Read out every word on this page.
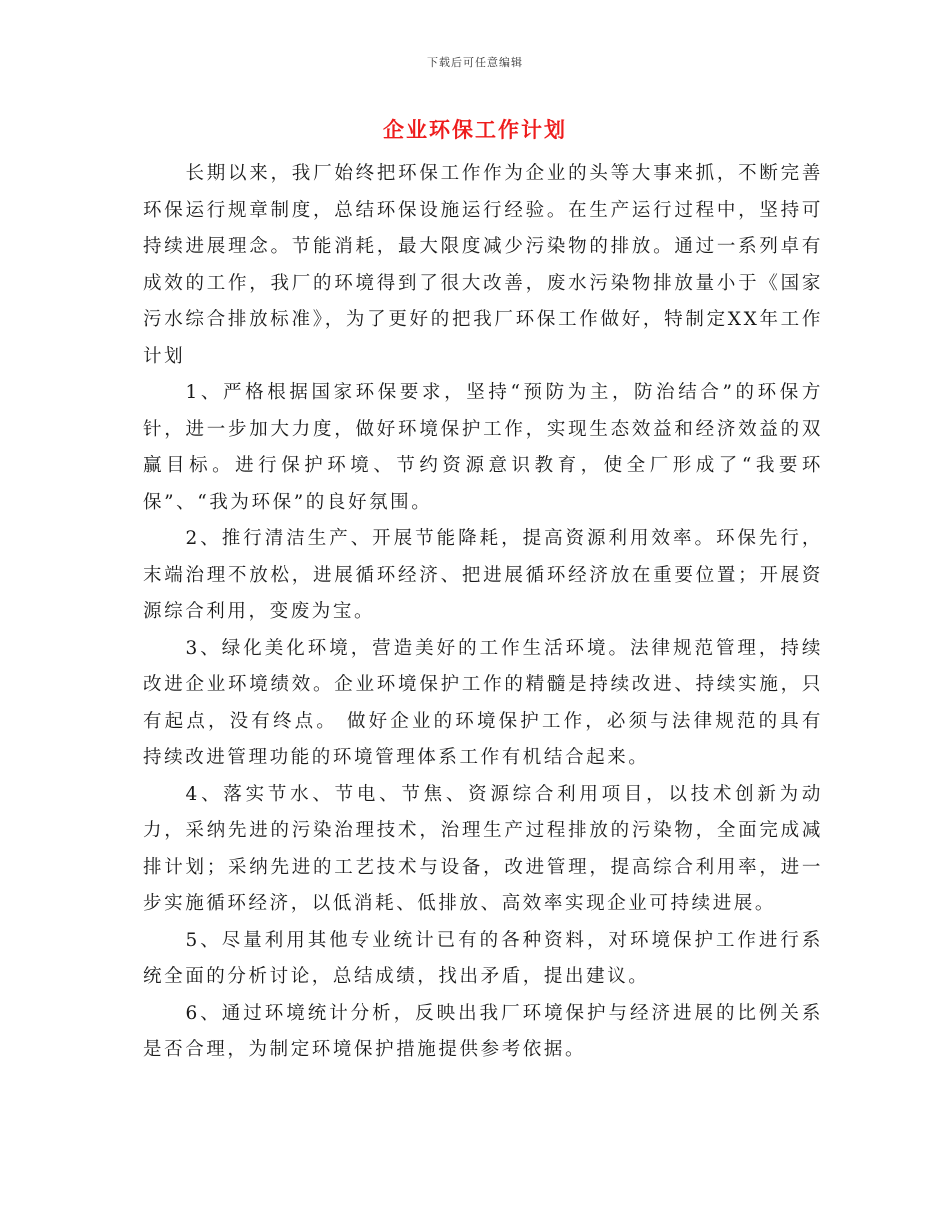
下载后可任意编辑
企业环保工作计划

长期以来，我厂始终把环保工作作为企业的头等大事来抓，不断完善环保运行规章制度，总结环保设施运行经验。在生产运行过程中，坚持可持续进展理念。节能消耗，最大限度减少污染物的排放。通过一系列卓有成效的工作，我厂的环境得到了很大改善，废水污染物排放量小于《国家污水综合排放标准》，为了更好的把我厂环保工作做好，特制定XX年工作计划

1、严格根据国家环保要求，坚持“预防为主，防治结合”的环保方针，进一步加大力度，做好环境保护工作，实现生态效益和经济效益的双赢目标。进行保护环境、节约资源意识教育，使全厂形成了“我要环保”、“我为环保”的良好氛围。

2、推行清洁生产、开展节能降耗，提高资源利用效率。环保先行，末端治理不放松，进展循环经济、把进展循环经济放在重要位置；开展资源综合利用，变废为宝。

3、绿化美化环境，营造美好的工作生活环境。法律规范管理，持续改进企业环境绩效。企业环境保护工作的精髓是持续改进、持续实施，只有起点，没有终点。 做好企业的环境保护工作，必须与法律规范的具有持续改进管理功能的环境管理体系工作有机结合起来。

4、落实节水、节电、节焦、资源综合利用项目，以技术创新为动力，采纳先进的污染治理技术，治理生产过程排放的污染物，全面完成减排计划；采纳先进的工艺技术与设备，改进管理，提高综合利用率，进一步实施循环经济，以低消耗、低排放、高效率实现企业可持续进展。

5、尽量利用其他专业统计已有的各种资料，对环境保护工作进行系统全面的分析讨论，总结成绩，找出矛盾，提出建议。

6、通过环境统计分析，反映出我厂环境保护与经济进展的比例关系是否合理，为制定环境保护措施提供参考依据。
